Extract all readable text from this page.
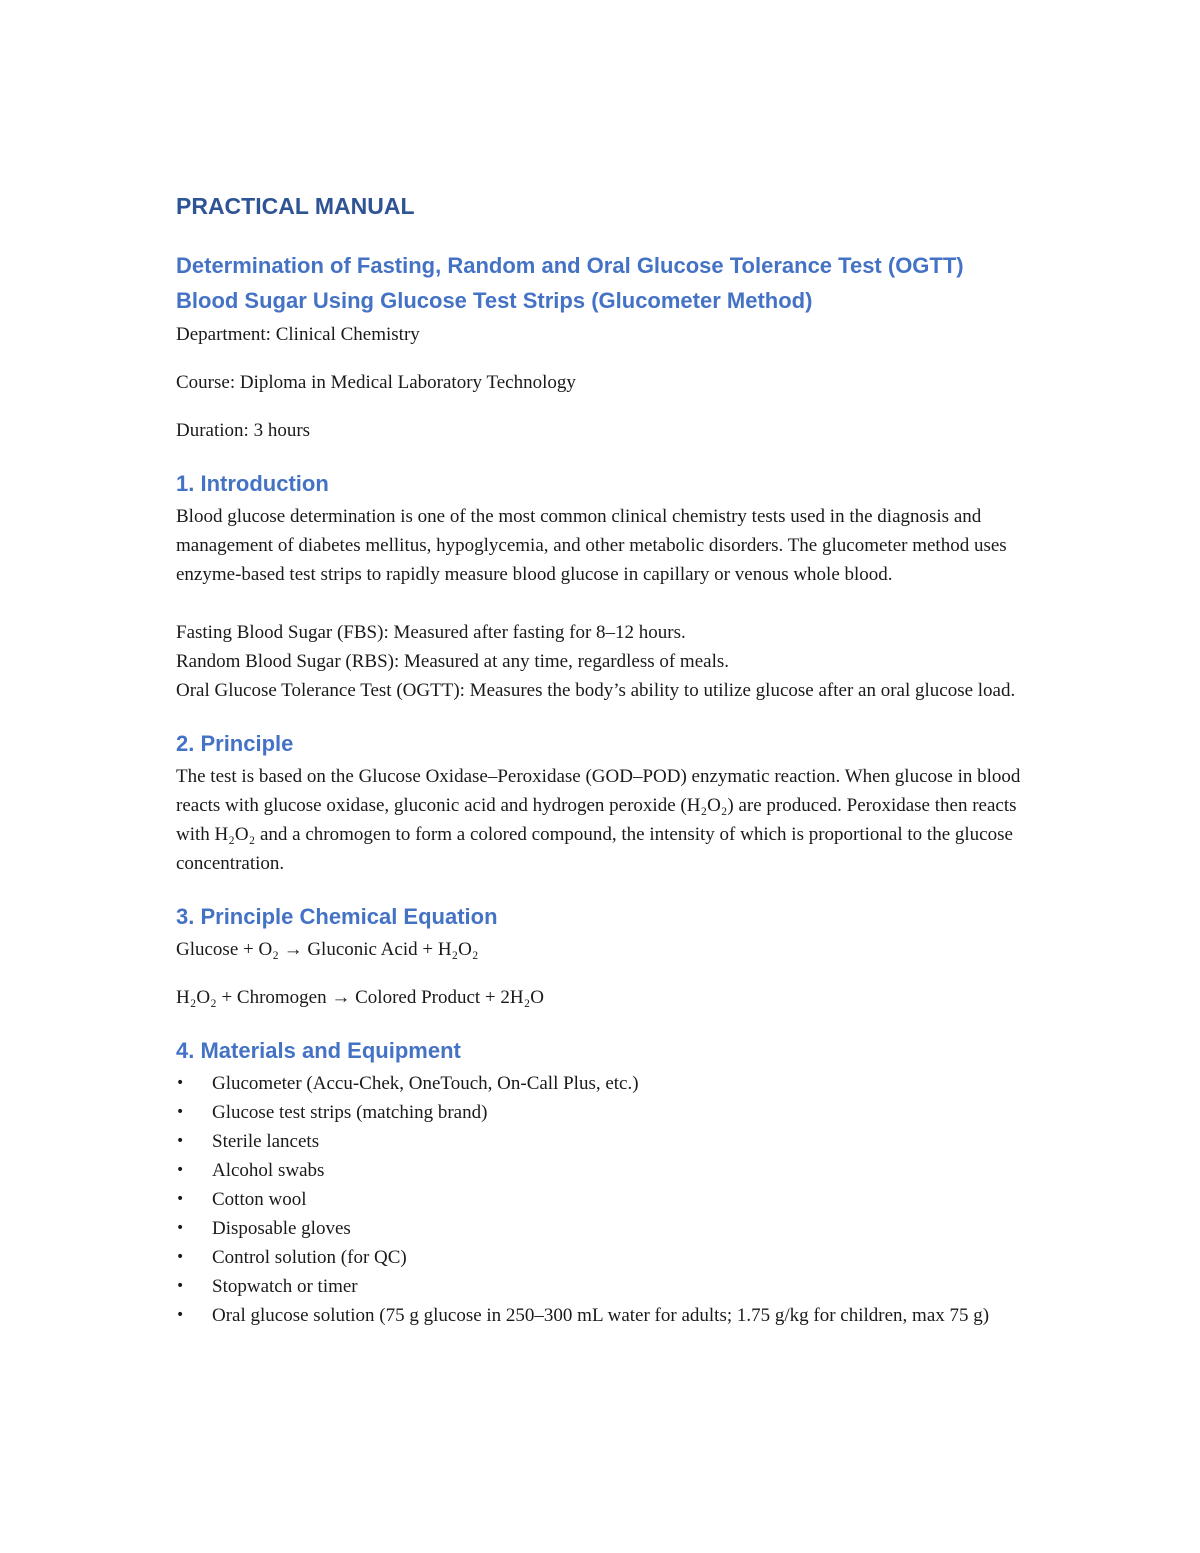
PRACTICAL MANUAL
Determination of Fasting, Random and Oral Glucose Tolerance Test (OGTT)
Blood Sugar Using Glucose Test Strips (Glucometer Method)

Department: Clinical Chemistry

Course: Diploma in Medical Laboratory Technology

Duration: 3 hours

1. Introduction

Blood glucose determination is one of the most common clinical chemistry tests used in the diagnosis and management of diabetes mellitus, hypoglycemia, and other metabolic disorders. The glucometer method uses enzyme-based test strips to rapidly measure blood glucose in capillary or venous whole blood.

Fasting Blood Sugar (FBS): Measured after fasting for 8–12 hours.

Random Blood Sugar (RBS): Measured at any time, regardless of meals.

Oral Glucose Tolerance Test (OGTT): Measures the body’s ability to utilize glucose after an oral glucose load.

2. Principle

The test is based on the Glucose Oxidase–Peroxidase (GOD–POD) enzymatic reaction. When glucose in blood reacts with glucose oxidase, gluconic acid and hydrogen peroxide (H₂O₂) are produced. Peroxidase then reacts with H₂O₂ and a chromogen to form a colored compound, the intensity of which is proportional to the glucose concentration.

3. Principle Chemical Equation

Glucose + O₂ → Gluconic Acid + H₂O₂

H₂O₂ + Chromogen → Colored Product + 2H₂O

4. Materials and Equipment
• Glucometer (Accu-Chek, OneTouch, On-Call Plus, etc.)
• Glucose test strips (matching brand)
• Sterile lancets
• Alcohol swabs
• Cotton wool
• Disposable gloves
• Control solution (for QC)
• Stopwatch or timer
• Oral glucose solution (75 g glucose in 250–300 mL water for adults; 1.75 g/kg for children, max 75 g)
